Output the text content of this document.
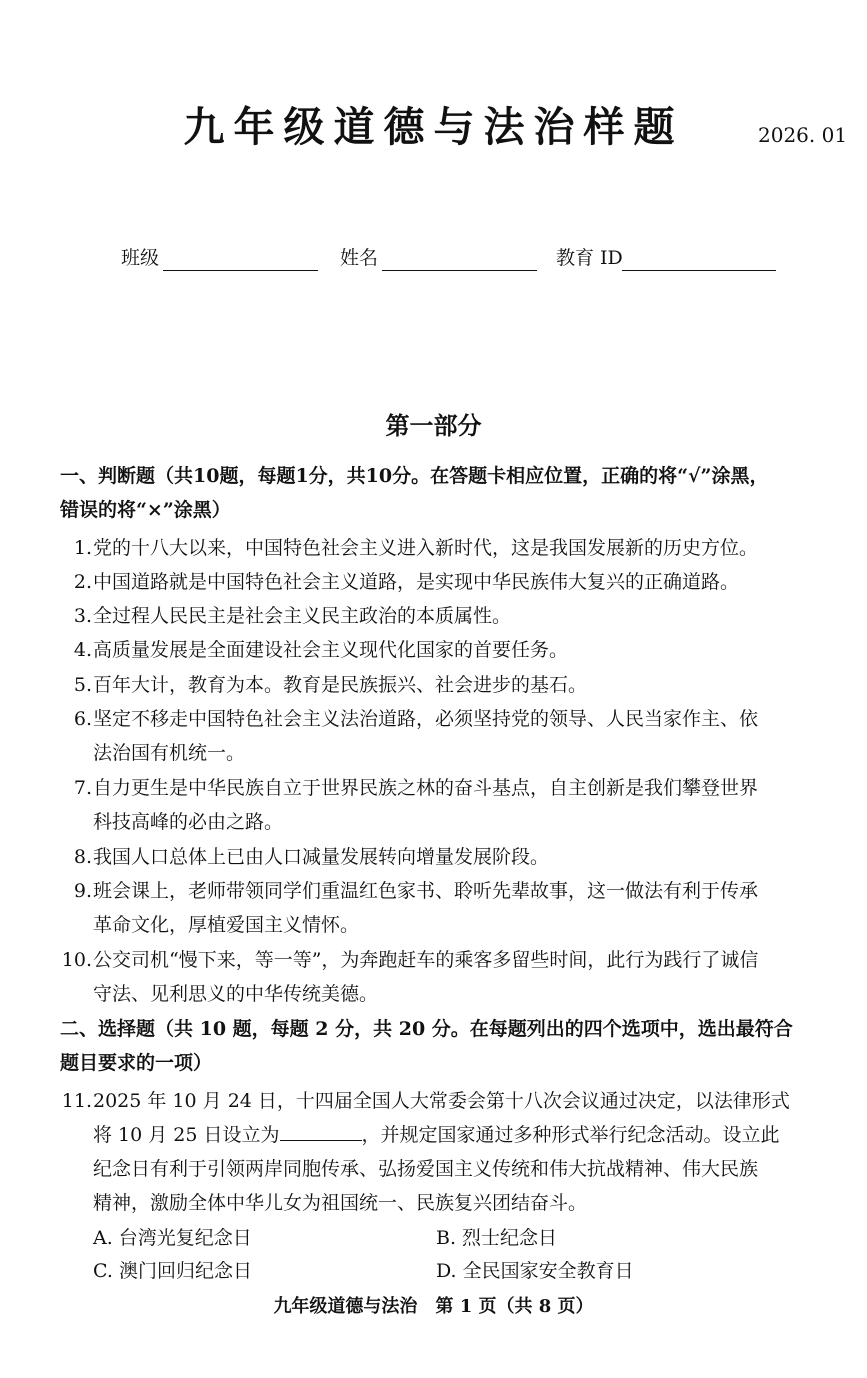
九年级道德与法治样题	2026. 01
班级	姓名	教育 ID
第一部分
一、判断题（共10题，每题1分，共10分。在答题卡相应位置，正确的将“√”涂黑，
错误的将“×”涂黑）
1. 党的十八大以来，中国特色社会主义进入新时代，这是我国发展新的历史方位。
2. 中国道路就是中国特色社会主义道路，是实现中华民族伟大复兴的正确道路。
3. 全过程人民民主是社会主义民主政治的本质属性。
4. 高质量发展是全面建设社会主义现代化国家的首要任务。
5. 百年大计，教育为本。教育是民族振兴、社会进步的基石。
6. 坚定不移走中国特色社会主义法治道路，必须坚持党的领导、人民当家作主、依
法治国有机统一。
7. 自力更生是中华民族自立于世界民族之林的奋斗基点，自主创新是我们攀登世界
科技高峰的必由之路。
8. 我国人口总体上已由人口减量发展转向增量发展阶段。
9. 班会课上，老师带领同学们重温红色家书、聆听先辈故事，这一做法有利于传承
革命文化，厚植爱国主义情怀。
10. 公交司机“慢下来，等一等”，为奔跑赶车的乘客多留些时间，此行为践行了诚信
守法、见利思义的中华传统美德。
二、选择题（共 10 题，每题 2 分，共 20 分。在每题列出的四个选项中，选出最符合
题目要求的一项）
11. 2025 年 10 月 24 日，十四届全国人大常委会第十八次会议通过决定，以法律形式
将 10 月 25 日设立为	，并规定国家通过多种形式举行纪念活动。设立此
纪念日有利于引领两岸同胞传承、弘扬爱国主义传统和伟大抗战精神、伟大民族
精神，激励全体中华儿女为祖国统一、民族复兴团结奋斗。
A. 台湾光复纪念日	B. 烈士纪念日
C. 澳门回归纪念日	D. 全民国家安全教育日
九年级道德与法治　第 1 页（共 8 页）
